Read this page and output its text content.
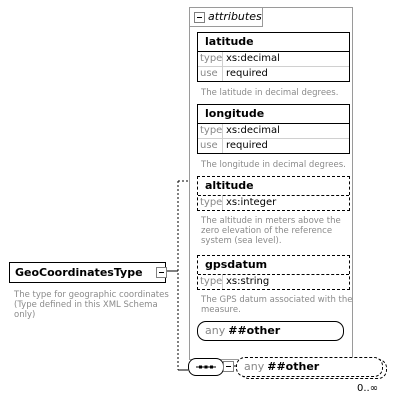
attributes
latitude
type xs:decimal
use required
The latitude in decimal degrees.
longitude
type xs:decimal
use required
The longitude in decimal degrees.
altitude
type xs:integer
The altitude in meters above the
zero elevation of the reference
system (sea level).
gpsdatum
type xs:string
The GPS datum associated with the
measure.
any ##other
GeoCoordinatesType
The type for geographic coordinates
(Type defined in this XML Schema
only)
any ##other
0..∞
